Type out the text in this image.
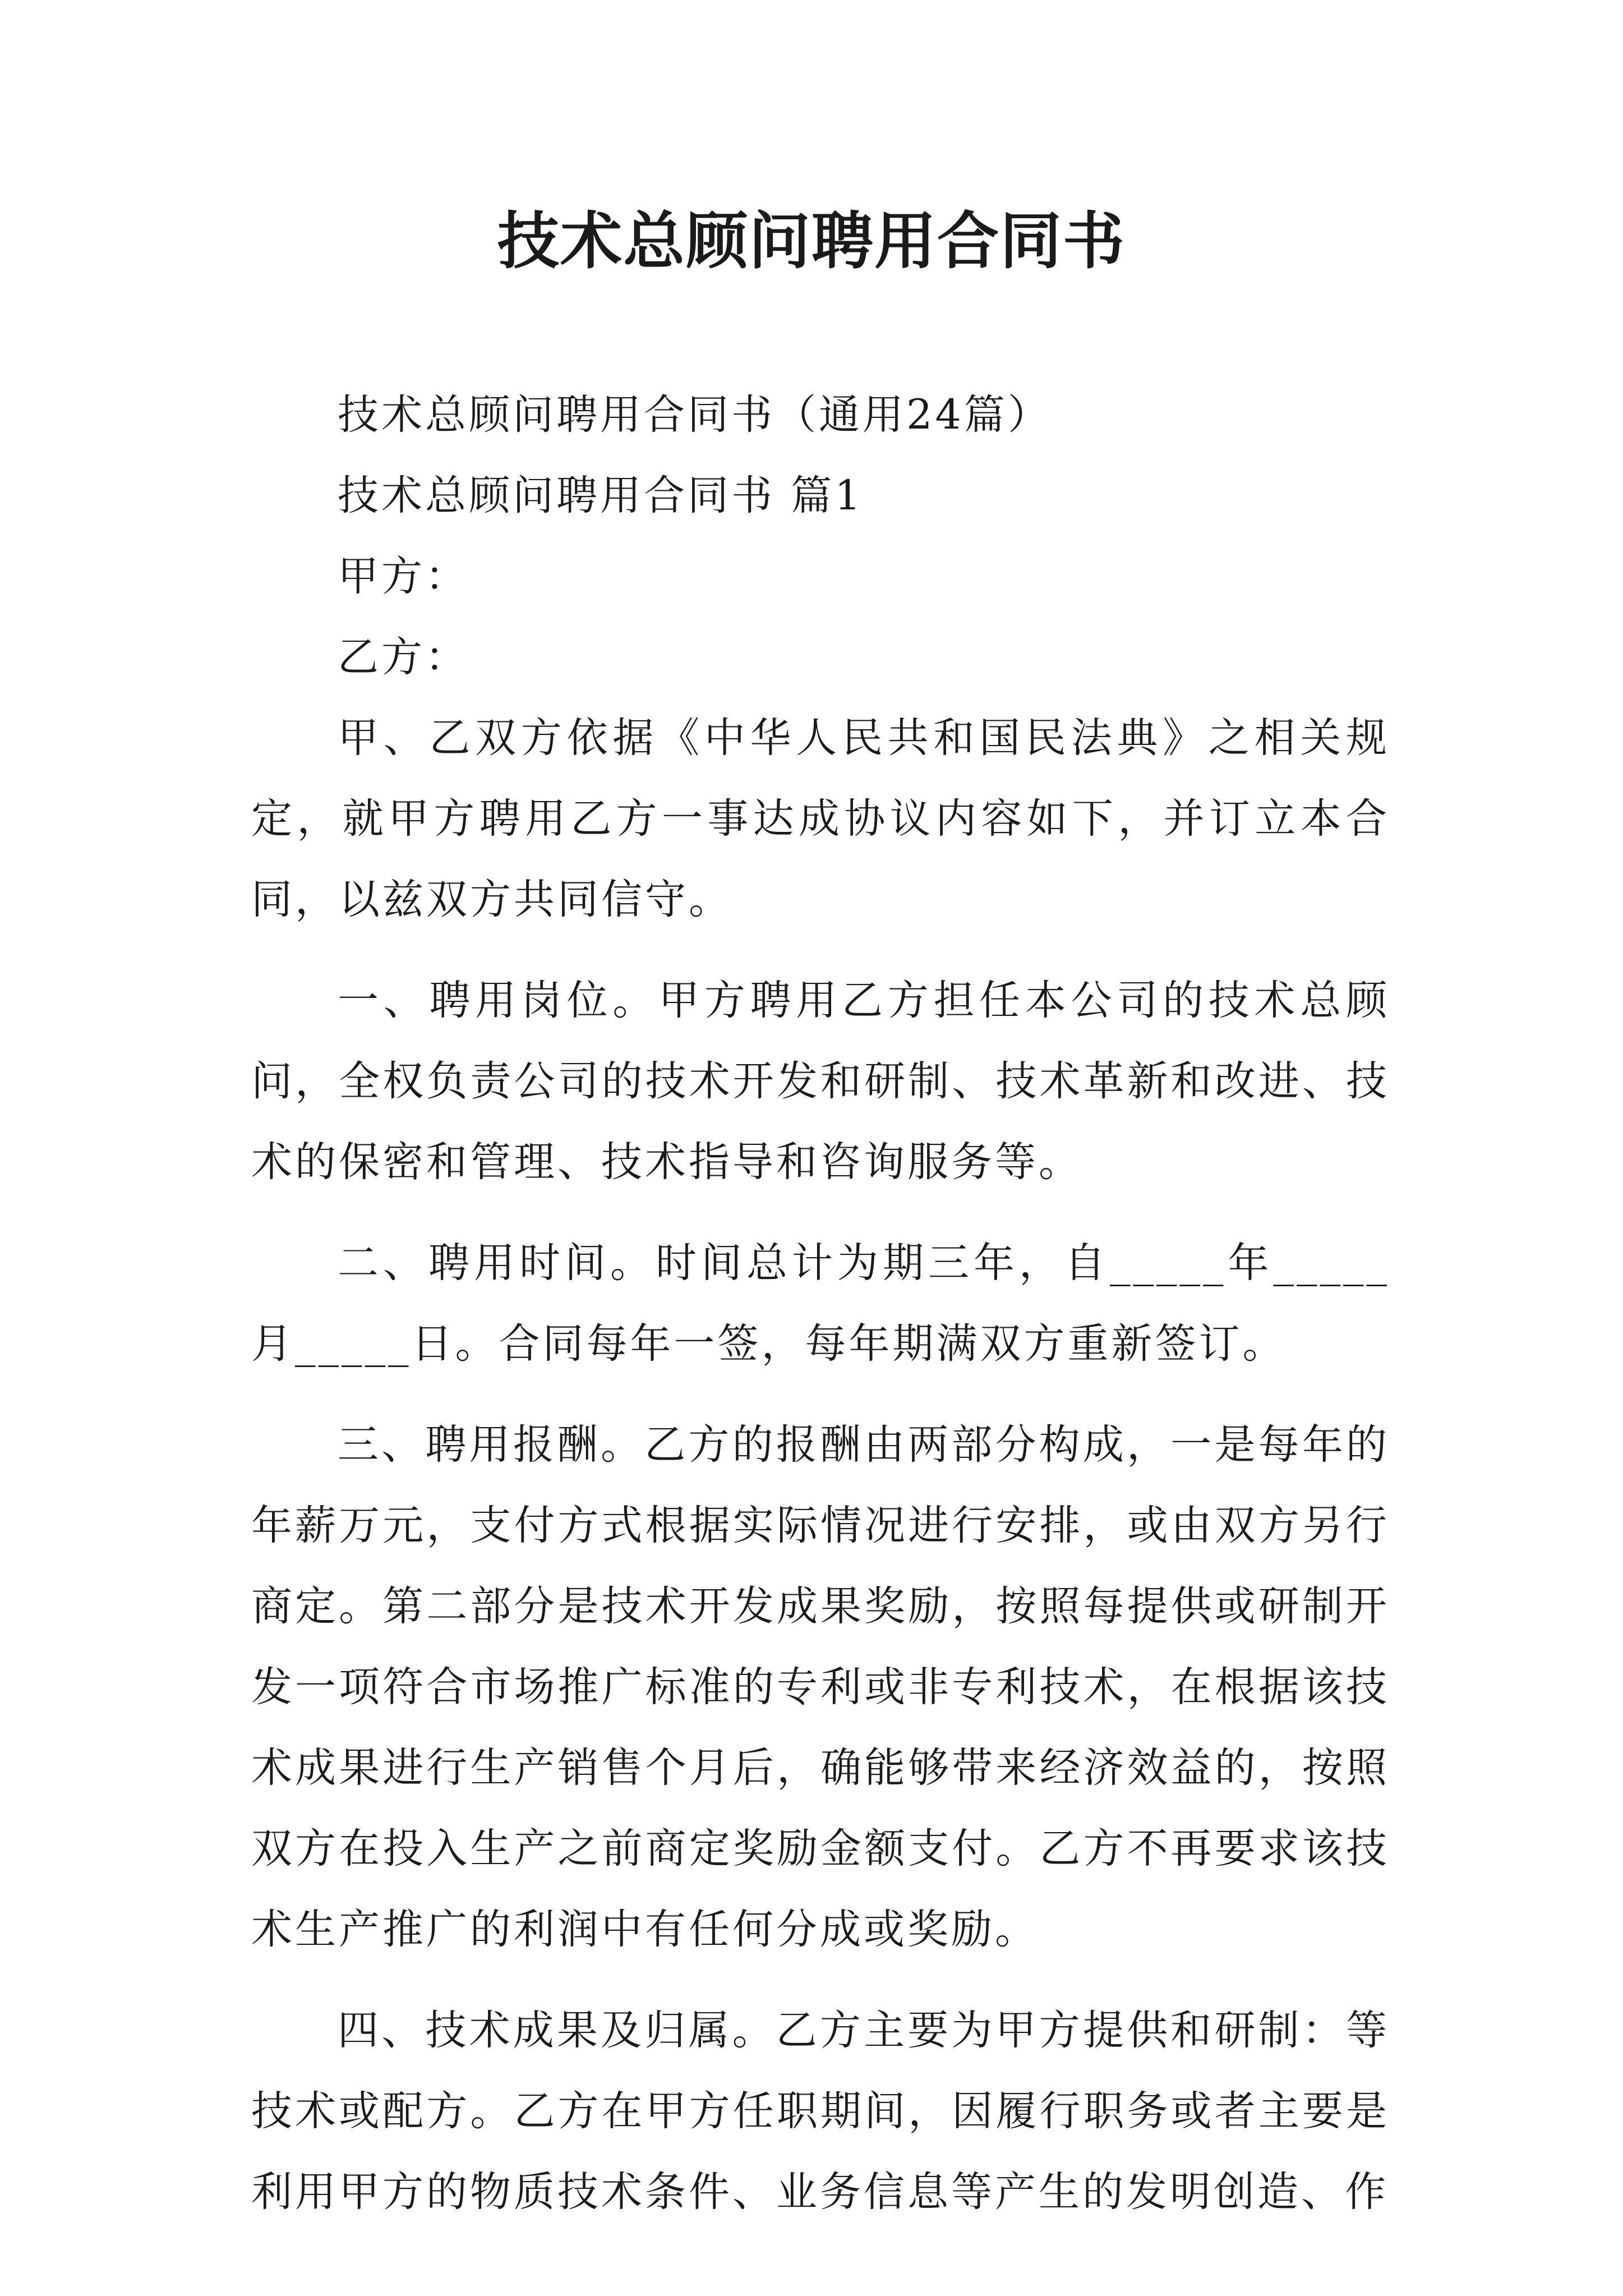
技术总顾问聘用合同书

技术总顾问聘用合同书（通用24篇）

技术总顾问聘用合同书 篇1

甲方：

乙方：

甲、乙双方依据《中华人民共和国民法典》之相关规定，就甲方聘用乙方一事达成协议内容如下，并订立本合同，以兹双方共同信守。

一、聘用岗位。甲方聘用乙方担任本公司的技术总顾问，全权负责公司的技术开发和研制、技术革新和改进、技术的保密和管理、技术指导和咨询服务等。

二、聘用时间。时间总计为期三年，自_____年_____月_____日。合同每年一签，每年期满双方重新签订。

三、聘用报酬。乙方的报酬由两部分构成，一是每年的年薪万元，支付方式根据实际情况进行安排，或由双方另行商定。第二部分是技术开发成果奖励，按照每提供或研制开发一项符合市场推广标准的专利或非专利技术，在根据该技术成果进行生产销售个月后，确能够带来经济效益的，按照双方在投入生产之前商定奖励金额支付。乙方不再要求该技术生产推广的利润中有任何分成或奖励。

四、技术成果及归属。乙方主要为甲方提供和研制：等技术或配方。乙方在甲方任职期间，因履行职务或者主要是利用甲方的物质技术条件、业务信息等产生的发明创造、作
